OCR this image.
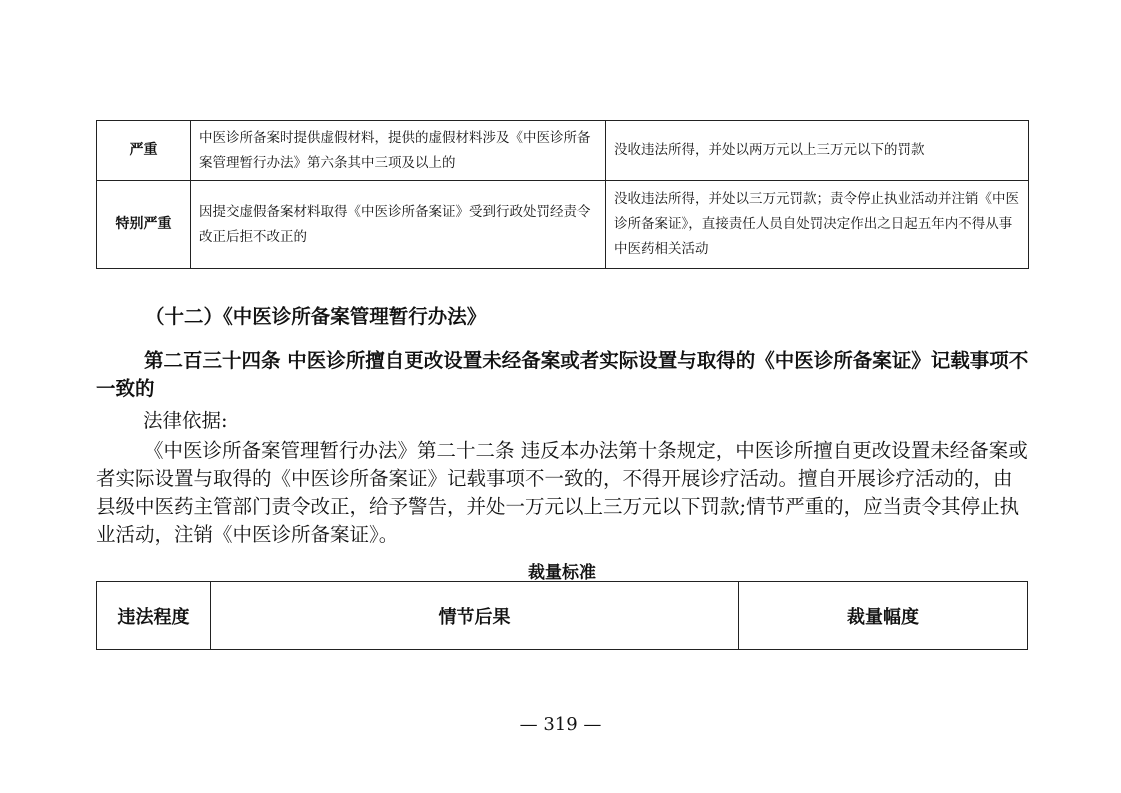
严重	中医诊所备案时提供虚假材料，提供的虚假材料涉及《中医诊所备案管理暂行办法》第六条其中三项及以上的	没收违法所得，并处以两万元以上三万元以下的罚款
特别严重	因提交虚假备案材料取得《中医诊所备案证》受到行政处罚经责令改正后拒不改正的	没收违法所得，并处以三万元罚款；责令停止执业活动并注销《中医诊所备案证》，直接责任人员自处罚决定作出之日起五年内不得从事中医药相关活动

（十二）《中医诊所备案管理暂行办法》

第二百三十四条 中医诊所擅自更改设置未经备案或者实际设置与取得的《中医诊所备案证》记载事项不一致的

法律依据:

《中医诊所备案管理暂行办法》第二十二条 违反本办法第十条规定，中医诊所擅自更改设置未经备案或者实际设置与取得的《中医诊所备案证》记载事项不一致的，不得开展诊疗活动。擅自开展诊疗活动的，由县级中医药主管部门责令改正，给予警告，并处一万元以上三万元以下罚款;情节严重的，应当责令其停止执业活动，注销《中医诊所备案证》。

裁量标准

违法程度	情节后果	裁量幅度

— 319 —
